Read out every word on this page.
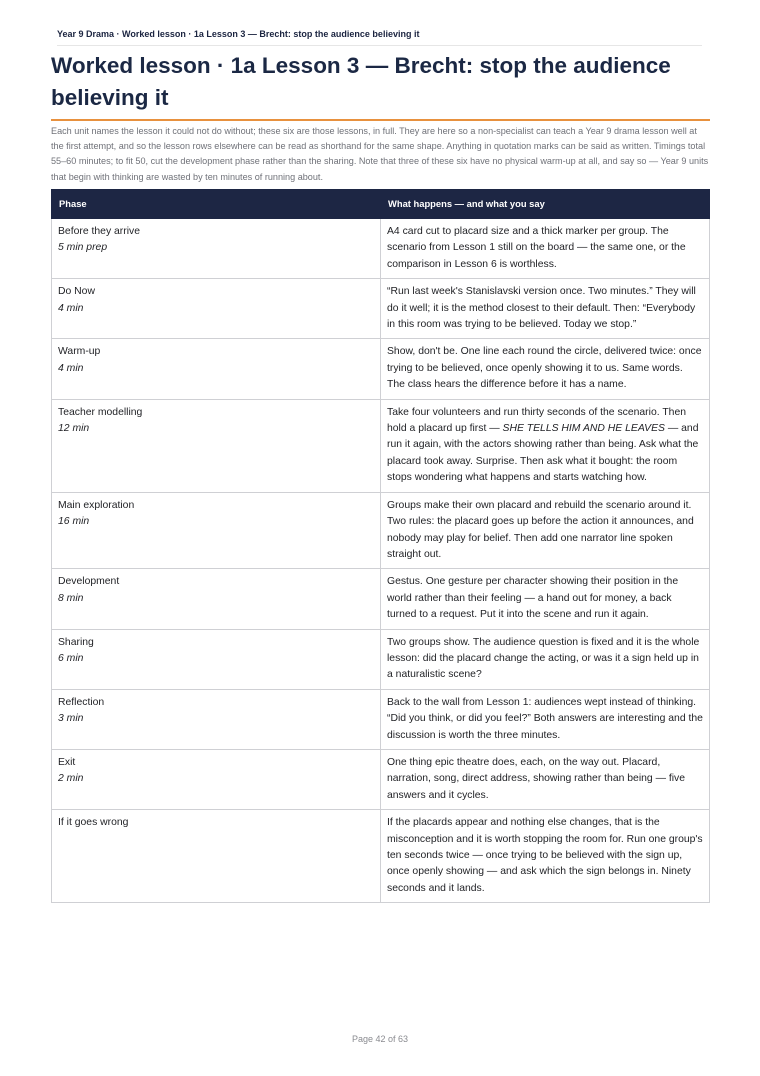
Year 9 Drama · Worked lesson · 1a Lesson 3 — Brecht: stop the audience believing it
Worked lesson · 1a Lesson 3 — Brecht: stop the audience believing it

Each unit names the lesson it could not do without; these six are those lessons, in full. They are here so a non-specialist can teach a Year 9 drama lesson well at the first attempt, and so the lesson rows elsewhere can be read as shorthand for the same shape. Anything in quotation marks can be said as written. Timings total 55–60 minutes; to fit 50, cut the development phase rather than the sharing. Note that three of these six have no physical warm-up at all, and say so — Year 9 units that begin with thinking are wasted by ten minutes of running about.

Phase	What happens — and what you say
Before they arrive
5 min prep	A4 card cut to placard size and a thick marker per group. The scenario from Lesson 1 still on the board — the same one, or the comparison in Lesson 6 is worthless.
Do Now
4 min	“Run last week's Stanislavski version once. Two minutes.” They will do it well; it is the method closest to their default. Then: “Everybody in this room was trying to be believed. Today we stop.”
Warm-up
4 min	Show, don't be. One line each round the circle, delivered twice: once trying to be believed, once openly showing it to us. Same words. The class hears the difference before it has a name.
Teacher modelling
12 min	Take four volunteers and run thirty seconds of the scenario. Then hold a placard up first — SHE TELLS HIM AND HE LEAVES — and run it again, with the actors showing rather than being. Ask what the placard took away. Surprise. Then ask what it bought: the room stops wondering what happens and starts watching how.
Main exploration
16 min	Groups make their own placard and rebuild the scenario around it. Two rules: the placard goes up before the action it announces, and nobody may play for belief. Then add one narrator line spoken straight out.
Development
8 min	Gestus. One gesture per character showing their position in the world rather than their feeling — a hand out for money, a back turned to a request. Put it into the scene and run it again.
Sharing
6 min	Two groups show. The audience question is fixed and it is the whole lesson: did the placard change the acting, or was it a sign held up in a naturalistic scene?
Reflection
3 min	Back to the wall from Lesson 1: audiences wept instead of thinking. “Did you think, or did you feel?” Both answers are interesting and the discussion is worth the three minutes.
Exit
2 min	One thing epic theatre does, each, on the way out. Placard, narration, song, direct address, showing rather than being — five answers and it cycles.
If it goes wrong	If the placards appear and nothing else changes, that is the misconception and it is worth stopping the room for. Run one group's ten seconds twice — once trying to be believed with the sign up, once openly showing — and ask which the sign belongs in. Ninety seconds and it lands.
Page 42 of 63
